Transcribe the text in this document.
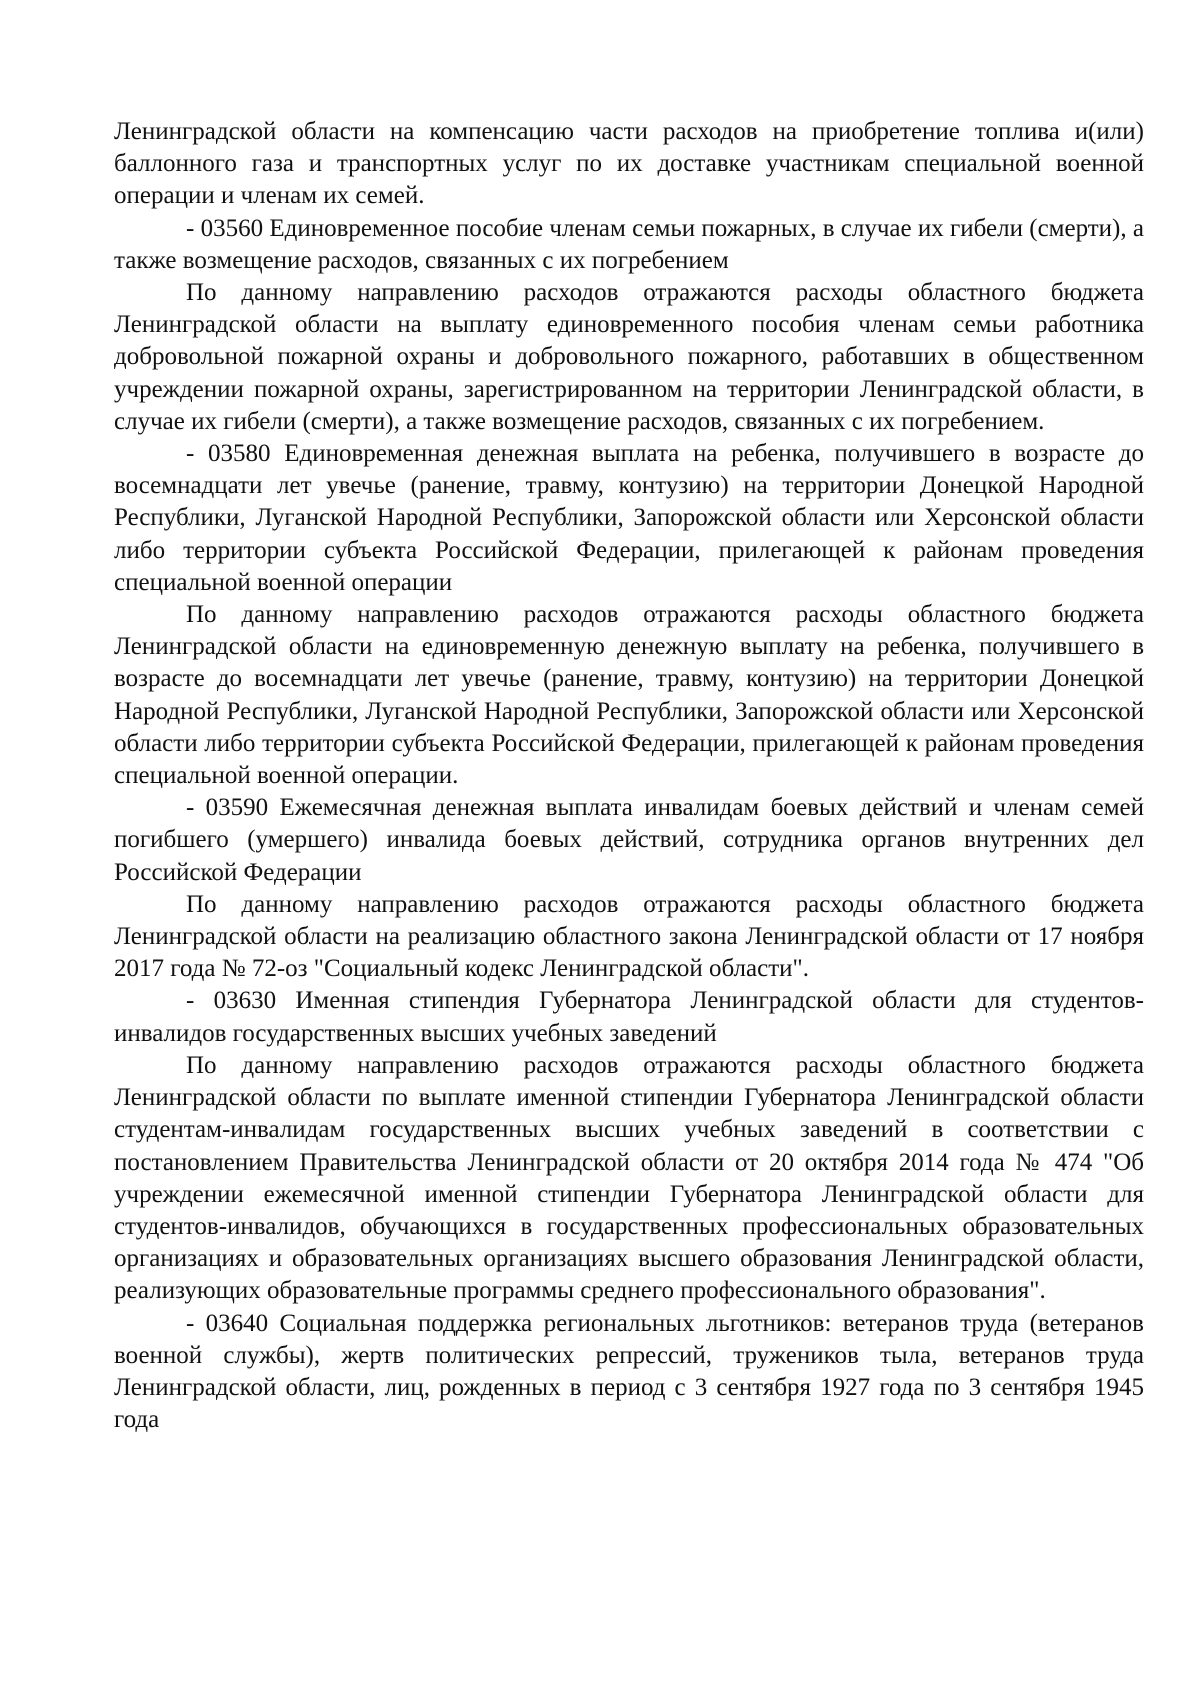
Ленинградской области на компенсацию части расходов на приобретение топлива и(или) баллонного газа и транспортных услуг по их доставке участникам специальной военной операции и членам их семей.

- 03560 Единовременное пособие членам семьи пожарных, в случае их гибели (смерти), а также возмещение расходов, связанных с их погребением

По данному направлению расходов отражаются расходы областного бюджета Ленинградской области на выплату единовременного пособия членам семьи работника добровольной пожарной охраны и добровольного пожарного, работавших в общественном учреждении пожарной охраны, зарегистрированном на территории Ленинградской области, в случае их гибели (смерти), а также возмещение расходов, связанных с их погребением.

- 03580 Единовременная денежная выплата на ребенка, получившего в возрасте до восемнадцати лет увечье (ранение, травму, контузию) на территории Донецкой Народной Республики, Луганской Народной Республики, Запорожской области или Херсонской области либо территории субъекта Российской Федерации, прилегающей к районам проведения специальной военной операции

По данному направлению расходов отражаются расходы областного бюджета Ленинградской области на единовременную денежную выплату на ребенка, получившего в возрасте до восемнадцати лет увечье (ранение, травму, контузию) на территории Донецкой Народной Республики, Луганской Народной Республики, Запорожской области или Херсонской области либо территории субъекта Российской Федерации, прилегающей к районам проведения специальной военной операции.

- 03590 Ежемесячная денежная выплата инвалидам боевых действий и членам семей погибшего (умершего) инвалида боевых действий, сотрудника органов внутренних дел Российской Федерации

По данному направлению расходов отражаются расходы областного бюджета Ленинградской области на реализацию областного закона Ленинградской области от 17 ноября 2017 года № 72-оз "Социальный кодекс Ленинградской области".

- 03630 Именная стипендия Губернатора Ленинградской области для студентов-инвалидов государственных высших учебных заведений

По данному направлению расходов отражаются расходы областного бюджета Ленинградской области по выплате именной стипендии Губернатора Ленинградской области студентам-инвалидам государственных высших учебных заведений в соответствии с постановлением Правительства Ленинградской области от 20 октября 2014 года № 474 "Об учреждении ежемесячной именной стипендии Губернатора Ленинградской области для студентов-инвалидов, обучающихся в государственных профессиональных образовательных организациях и образовательных организациях высшего образования Ленинградской области, реализующих образовательные программы среднего профессионального образования".

- 03640 Социальная поддержка региональных льготников: ветеранов труда (ветеранов военной службы), жертв политических репрессий, тружеников тыла, ветеранов труда Ленинградской области, лиц, рожденных в период с 3 сентября 1927 года по 3 сентября 1945 года
